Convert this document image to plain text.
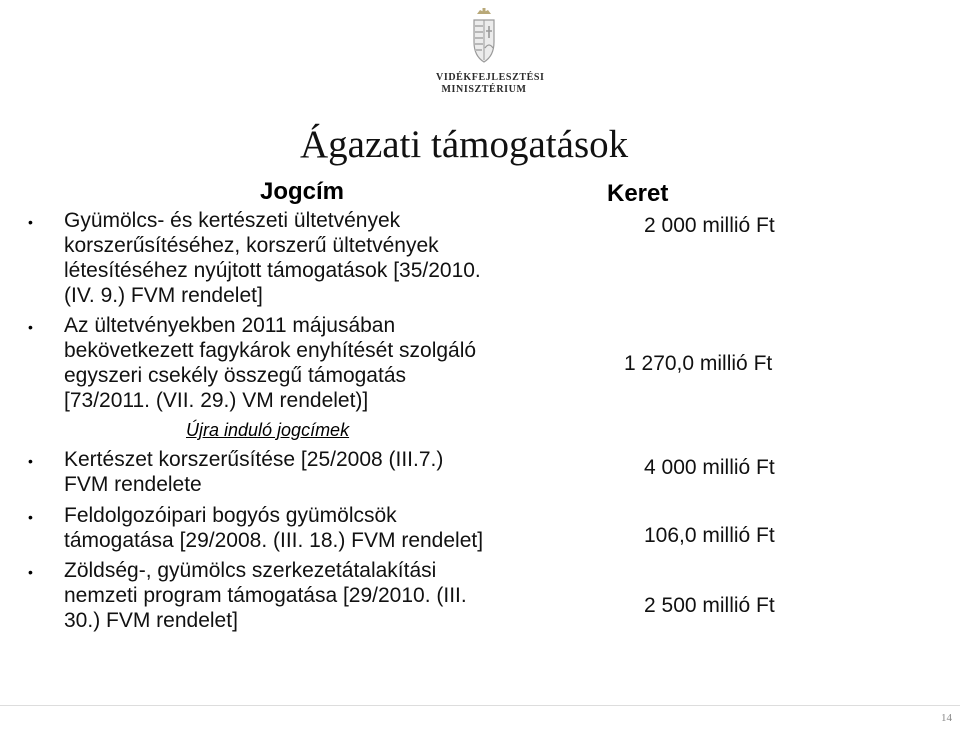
VIDÉKFEJLESZTÉSI
MINISZTÉRIUM
Ágazati támogatások
Jogcím	Keret
• Gyümölcs- és kertészeti ültetvények
korszerűsítéséhez, korszerű ültetvények
létesítéséhez nyújtott támogatások [35/2010.
(IV. 9.) FVM rendelet]
2 000 millió Ft
• Az ültetvényekben 2011 májusában
bekövetkezett fagykárok enyhítését szolgáló
egyszeri csekély összegű támogatás
[73/2011. (VII. 29.) VM rendelet)]
1 270,0 millió Ft
Újra induló jogcímek
• Kertészet korszerűsítése [25/2008 (III.7.)
FVM rendelete
4 000 millió Ft
• Feldolgozóipari bogyós gyümölcsök
támogatása [29/2008. (III. 18.) FVM rendelet]	106,0 millió Ft
• Zöldség-, gyümölcs szerkezetátalakítási
nemzeti program támogatása [29/2010. (III.
30.) FVM rendelet]
2 500 millió Ft
14
